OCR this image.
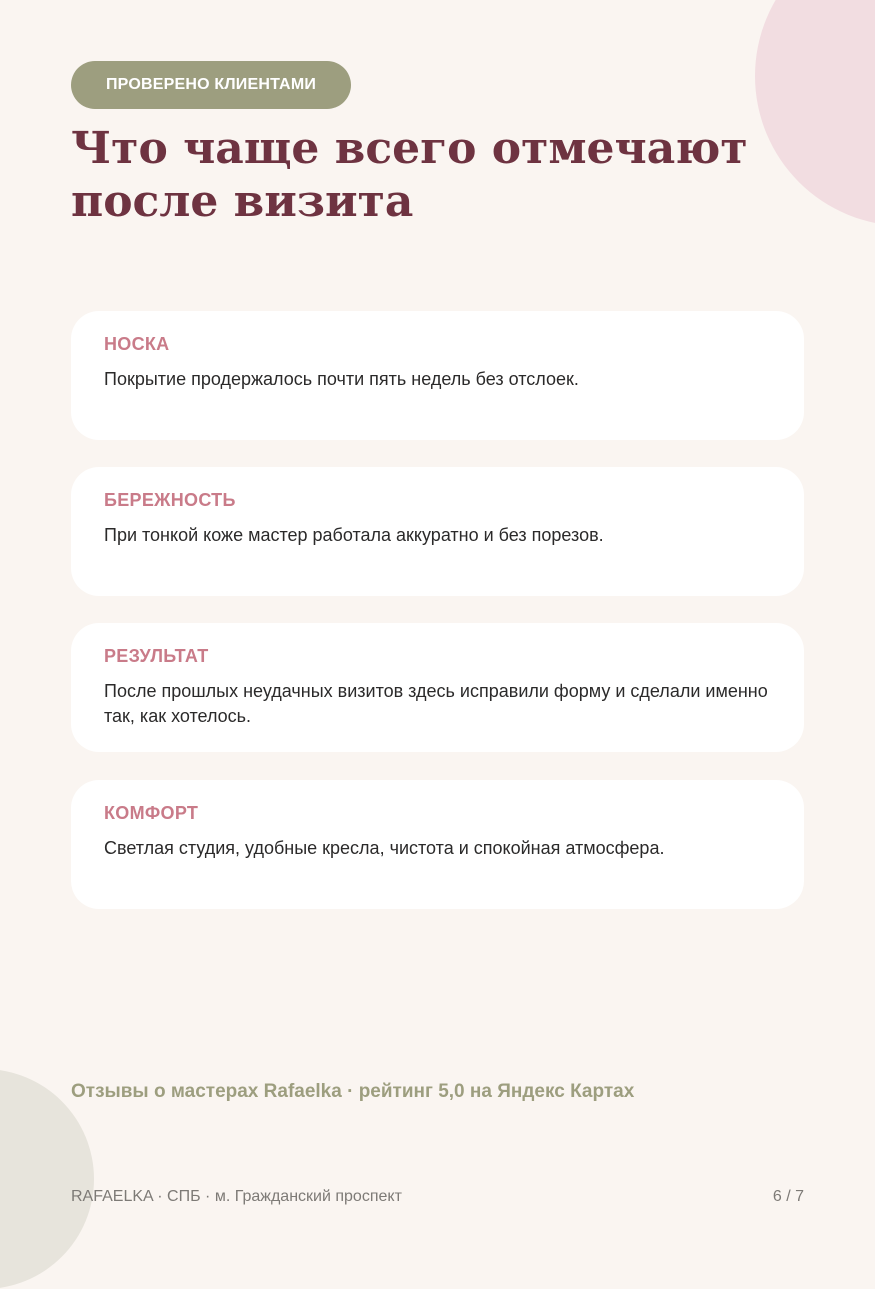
ПРОВЕРЕНО КЛИЕНТАМИ
Что чаще всего отмечают после визита
НОСКА
Покрытие продержалось почти пять недель без отслоек.
БЕРЕЖНОСТЬ
При тонкой коже мастер работала аккуратно и без порезов.
РЕЗУЛЬТАТ
После прошлых неудачных визитов здесь исправили форму и сделали именно так, как хотелось.
КОМФОРТ
Светлая студия, удобные кресла, чистота и спокойная атмосфера.
Отзывы о мастерах Rafaelka · рейтинг 5,0 на Яндекс Картах
RAFAELKA · СПБ · м. Гражданский проспект	6 / 7
